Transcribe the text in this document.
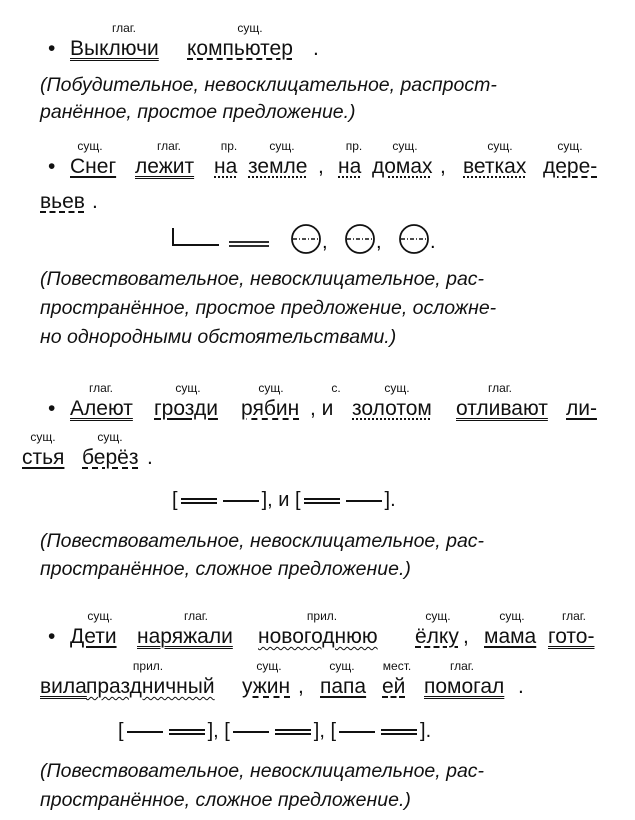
глаг.	сущ.
• Выключи компьютер .
(Побудительное, невосклицательное, распрост-
ранённое, простое предложение.)
сущ.	глаг.	пр.	сущ.	пр.	сущ.	сущ.	сущ.
• Снег лежит на земле , на домах , ветках дере-
вьев .
, , .
(Повествовательное, невосклицательное, рас-
пространённое, простое предложение, осложне-
но однородными обстоятельствами.)
глаг.	сущ.	сущ.	с.	сущ.	глаг.
• Алеют грозди рябин , и золотом отливают ли-
сущ.	сущ.
стья берёз .
[	], и [	].
(Повествовательное, невосклицательное, рас-
пространённое, сложное предложение.)
сущ.	глаг.	прил.	сущ.	сущ.	глаг.
• Дети наряжали новогоднюю ёлку , мама гото-
прил.	сущ.	сущ. мест.	глаг.
вила праздничный ужин , папа ей помогал .
[	], [	], [	].
(Повествовательное, невосклицательное, рас-
пространённое, сложное предложение.)
